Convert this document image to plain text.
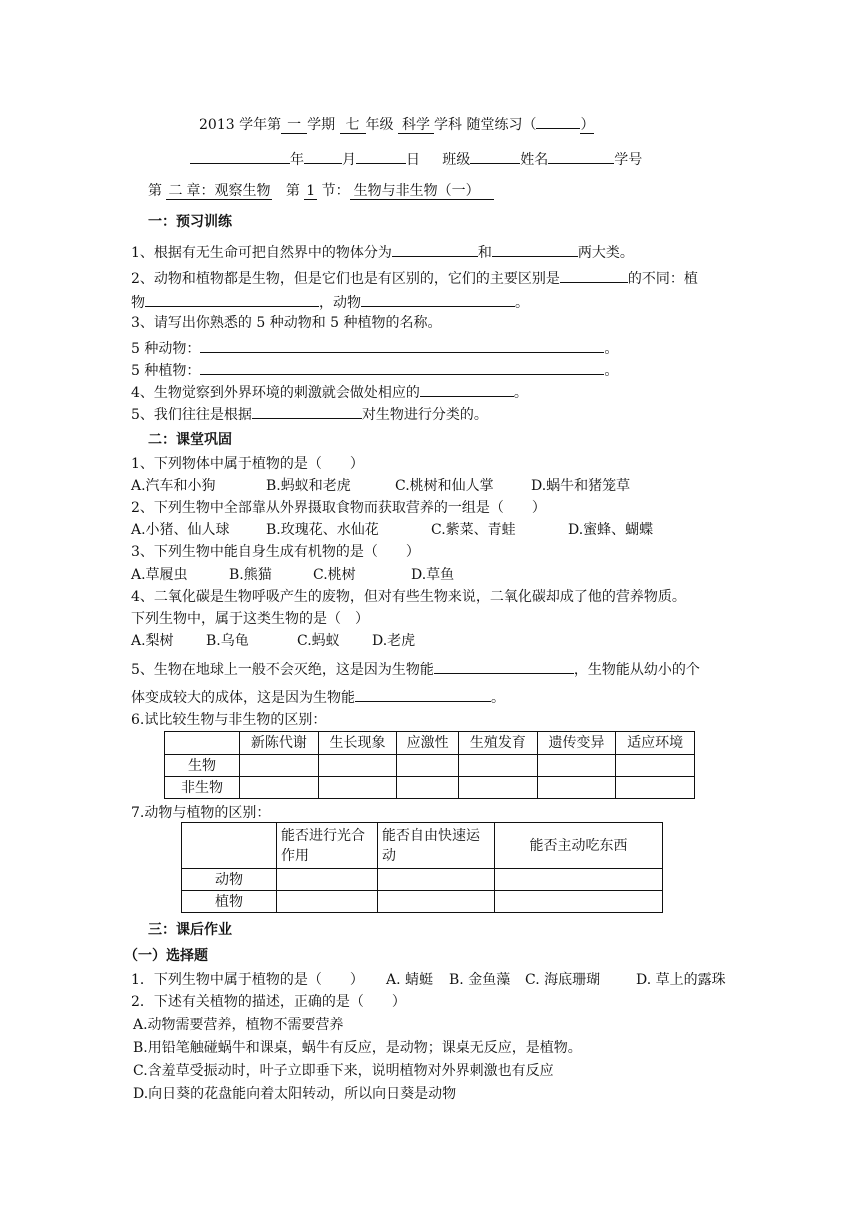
2013 学年第 一 学期 七 年级 科学 学科 随堂练习（	）
年	月	日 班级	姓名	学号
第 二 章：观察生物 第 1 节： 生物与非生物（一）
一：预习训练
1、根据有无生命可把自然界中的物体分为	和	两大类。
2、动物和植物都是生物，但是它们也是有区别的，它们的主要区别是	的不同：植
物	，动物	。
3、请写出你熟悉的 5 种动物和 5 种植物的名称。
5 种动物：	。
5 种植物：	。
4、生物觉察到外界环境的刺激就会做处相应的	。
5、我们往往是根据	对生物进行分类的。
二：课堂巩固
1、下列物体中属于植物的是（　　）
A.汽车和小狗	B.蚂蚁和老虎	C.桃树和仙人掌	D.蜗牛和猪笼草
2、下列生物中全部靠从外界摄取食物而获取营养的一组是（　　）
A.小猪、仙人球	B.玫瑰花、水仙花	C.紫菜、青蛙	D.蜜蜂、蝴蝶
3、下列生物中能自身生成有机物的是（　　）
A.草履虫	B.熊猫	C.桃树	D.草鱼
4、二氧化碳是生物呼吸产生的废物，但对有些生物来说，二氧化碳却成了他的营养物质。
下列生物中，属于这类生物的是（　）
A.梨树 B.乌龟	C.蚂蚁 D.老虎
5、生物在地球上一般不会灭绝，这是因为生物能	，生物能从幼小的个
体变成较大的成体，这是因为生物能	。
6.试比较生物与非生物的区别：
	新陈代谢	生长现象	应激性	生殖发育	遗传变异	适应环境
生物						
非生物						
7.动物与植物的区别：
	能否进行光合作用	能否自由快速运动	能否主动吃东西
动物			
植物			
三：课后作业
（一）选择题
1．下列生物中属于植物的是（　　） A. 蜻蜓 B. 金鱼藻 C. 海底珊瑚	D. 草上的露珠
2．下述有关植物的描述，正确的是（　　）
A.动物需要营养，植物不需要营养
B.用铅笔触碰蜗牛和课桌，蜗牛有反应，是动物；课桌无反应，是植物。
C.含羞草受振动时，叶子立即垂下来，说明植物对外界刺激也有反应
D.向日葵的花盘能向着太阳转动，所以向日葵是动物
